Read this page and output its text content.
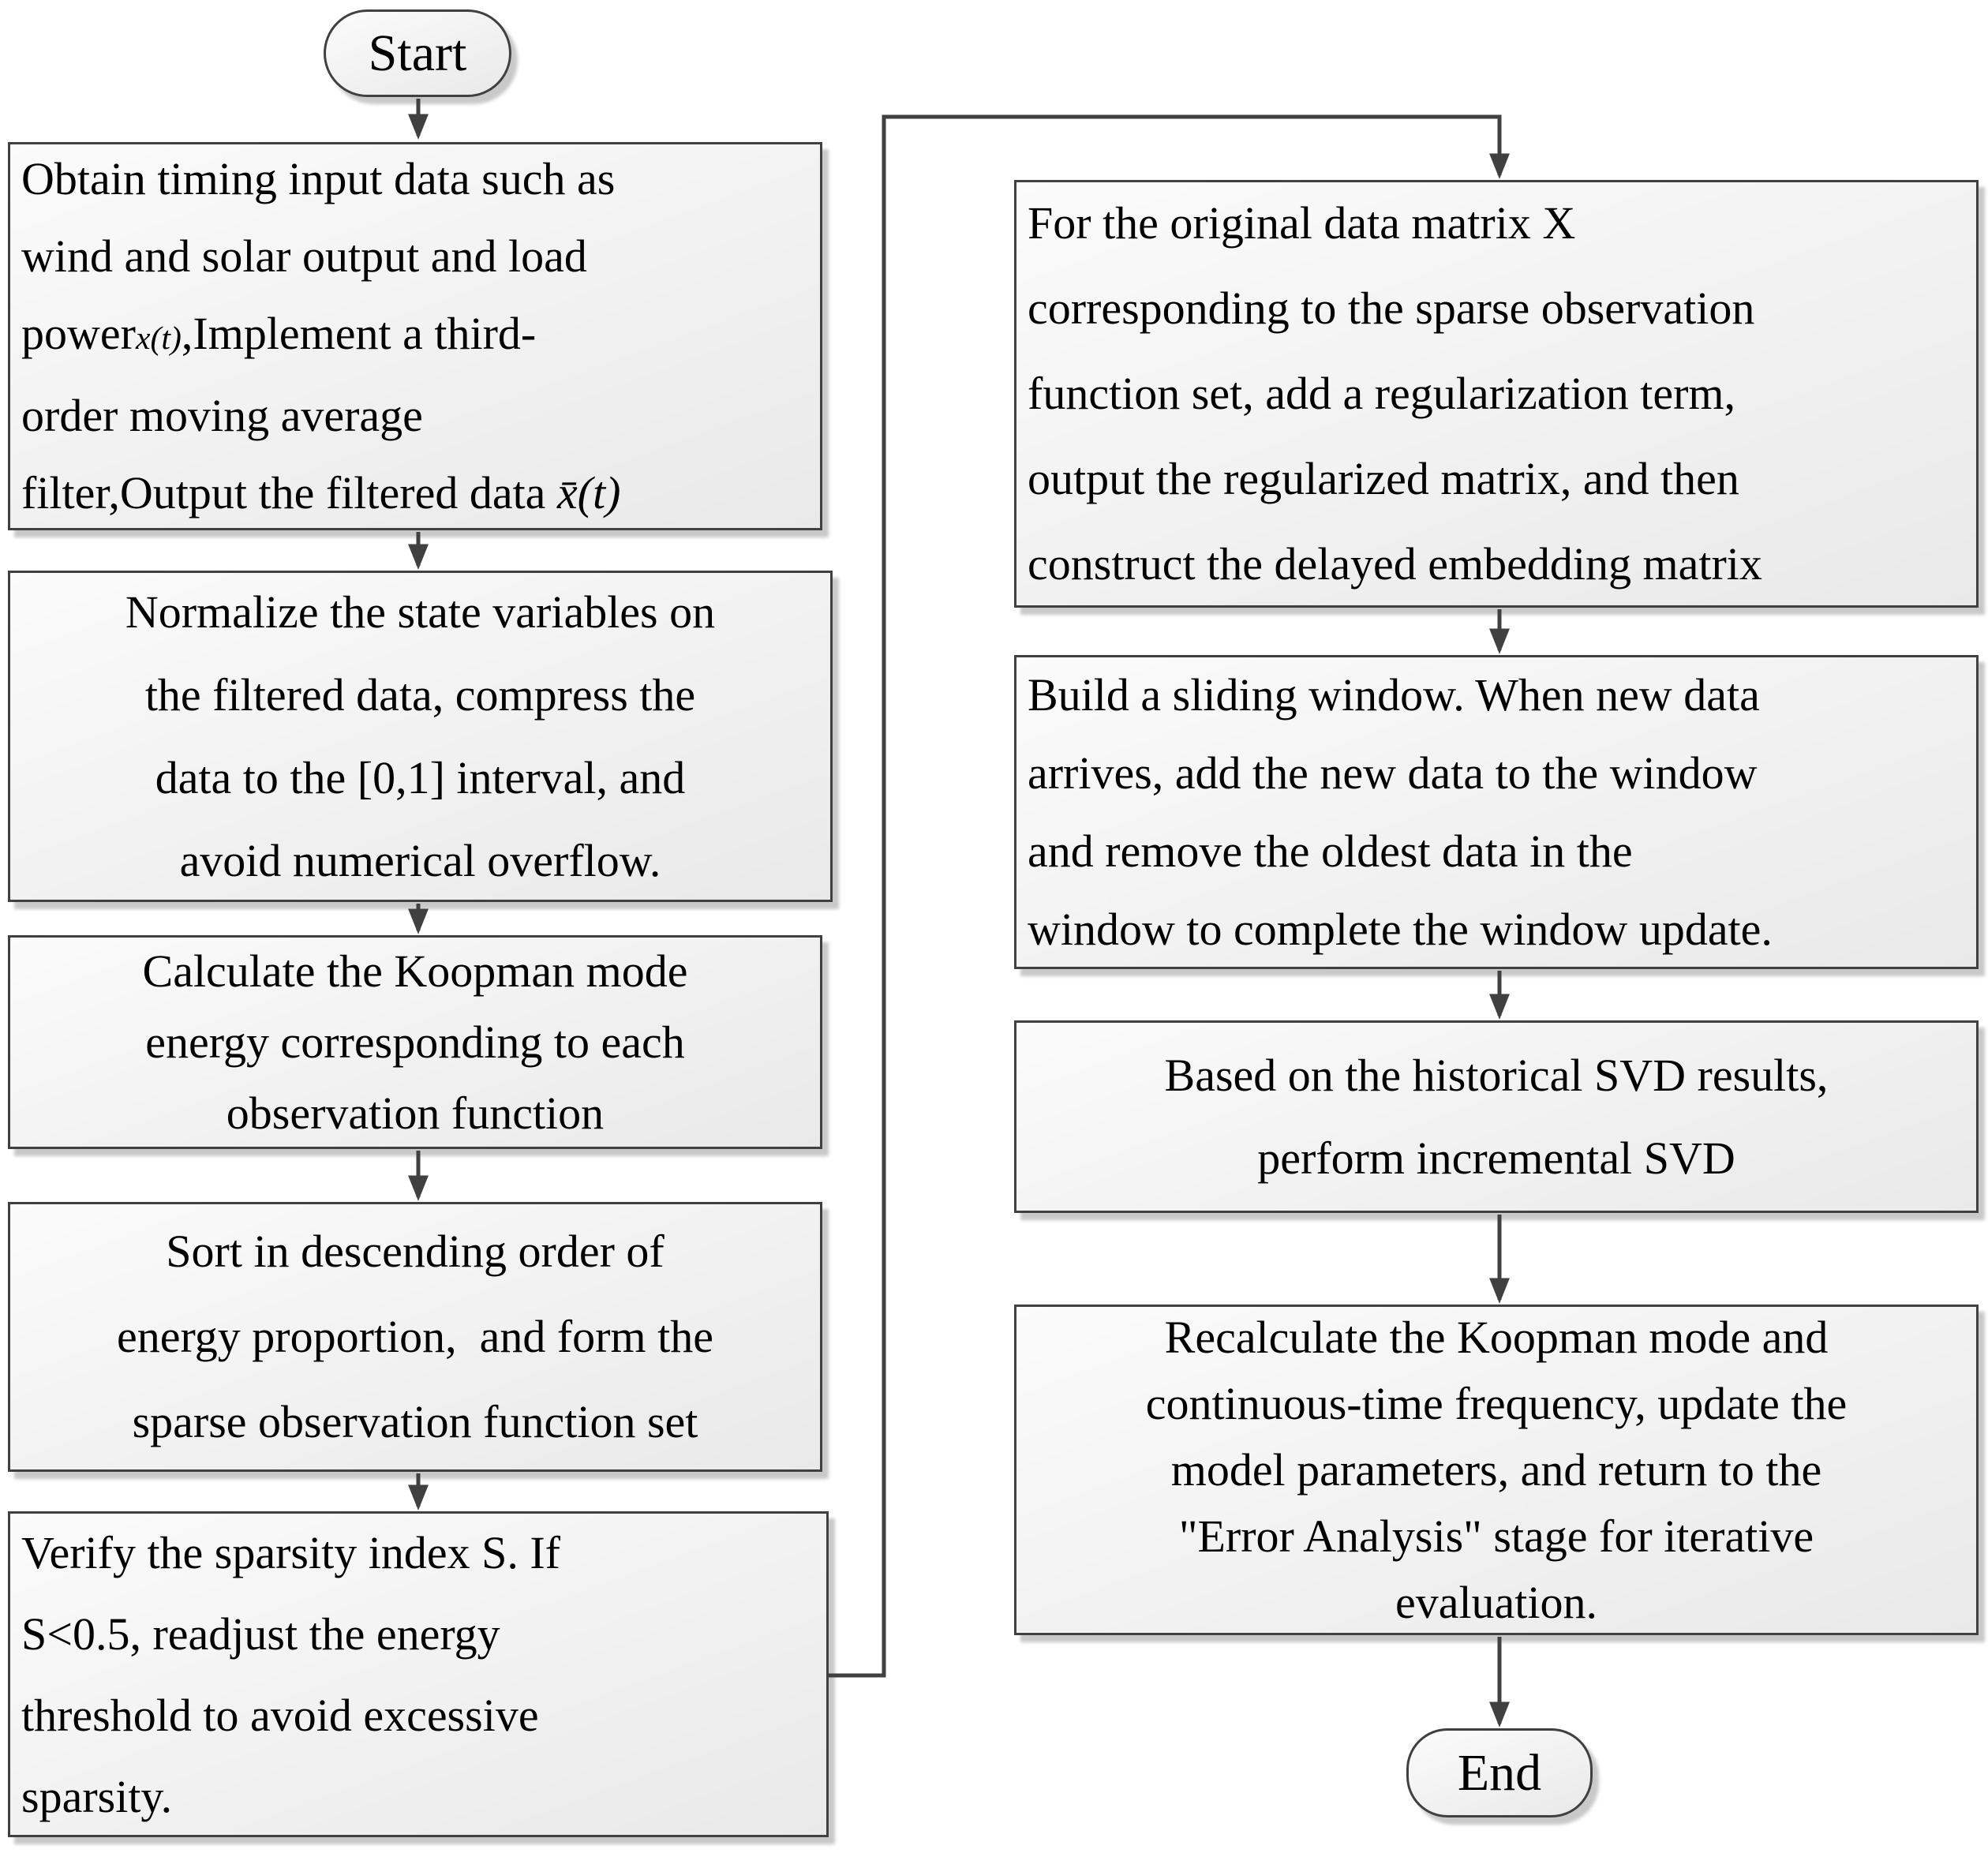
Start
Obtain timing input data such as
wind and solar output and load
powerx(t),Implement a third-
order moving average
filter,Output the filtered data x̄(t)
Normalize the state variables on
the filtered data, compress the
data to the [0,1] interval, and
avoid numerical overflow.
Calculate the Koopman mode
energy corresponding to each
observation function
Sort in descending order of
energy proportion,  and form the
sparse observation function set
Verify the sparsity index S. If
S<0.5, readjust the energy
threshold to avoid excessive
sparsity.
For the original data matrix X
corresponding to the sparse observation
function set, add a regularization term,
output the regularized matrix, and then
construct the delayed embedding matrix
Build a sliding window. When new data
arrives, add the new data to the window
and remove the oldest data in the
window to complete the window update.
Based on the historical SVD results,
perform incremental SVD
Recalculate the Koopman mode and
continuous-time frequency, update the
model parameters, and return to the
"Error Analysis" stage for iterative
evaluation.
End
